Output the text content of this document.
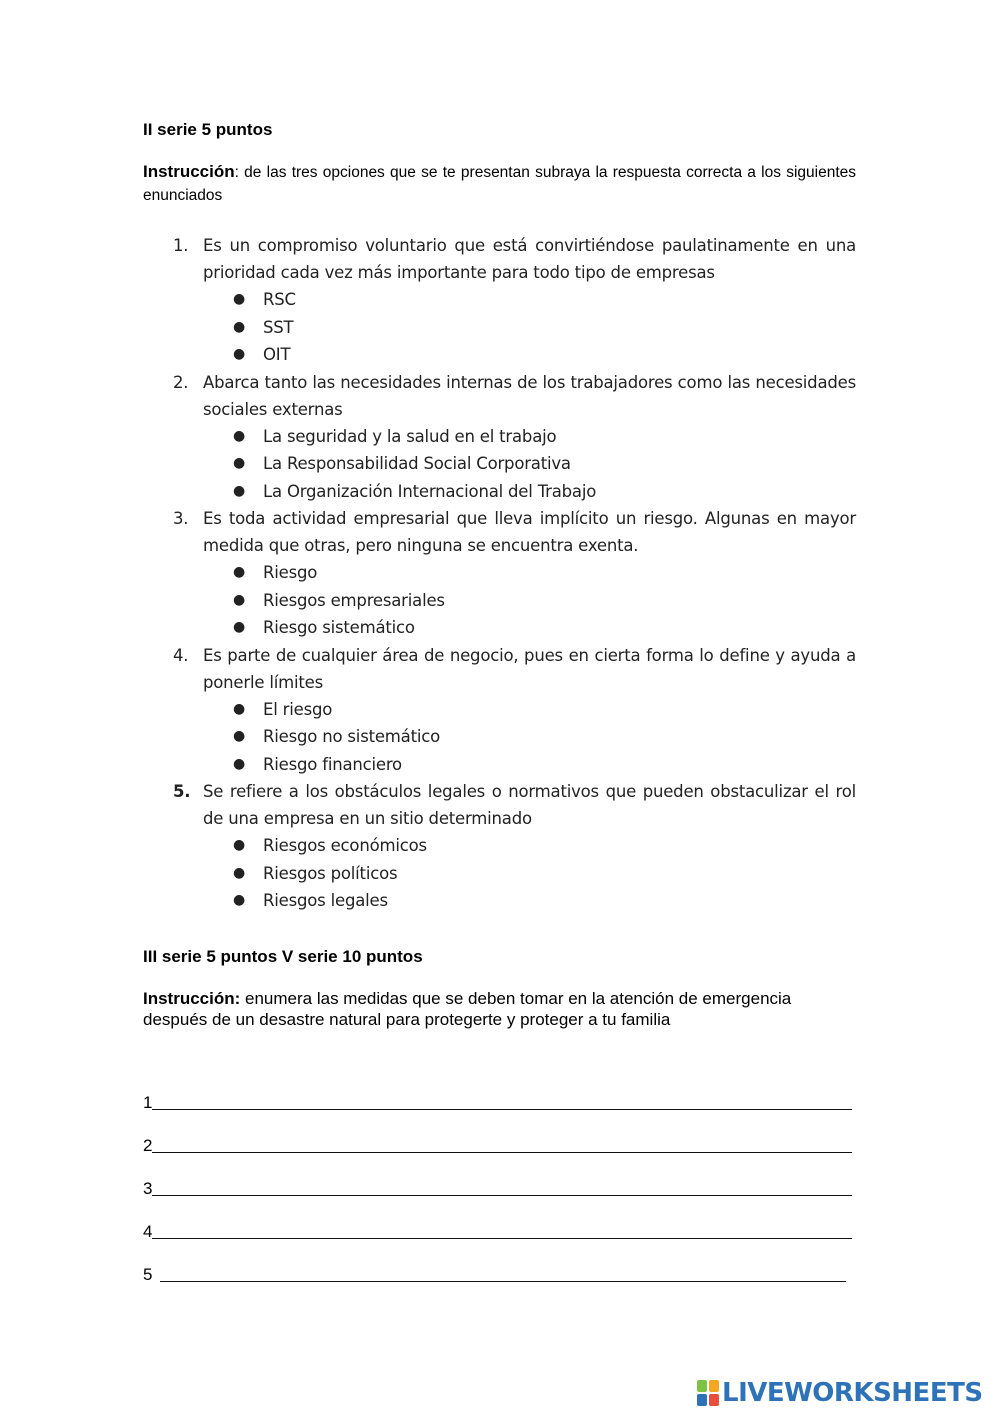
II serie 5 puntos
Instrucción: de las tres opciones que se te presentan subraya la respuesta correcta a los siguientes enunciados
1. Es un compromiso voluntario que está convirtiéndose paulatinamente en una prioridad cada vez más importante para todo tipo de empresas
● RSC
● SST
● OIT
2. Abarca tanto las necesidades internas de los trabajadores como las necesidades sociales externas
● La seguridad y la salud en el trabajo
● La Responsabilidad Social Corporativa
● La Organización Internacional del Trabajo
3. Es toda actividad empresarial que lleva implícito un riesgo. Algunas en mayor medida que otras, pero ninguna se encuentra exenta.
● Riesgo
● Riesgos empresariales
● Riesgo sistemático
4. Es parte de cualquier área de negocio, pues en cierta forma lo define y ayuda a ponerle límites
● El riesgo
● Riesgo no sistemático
● Riesgo financiero
5. Se refiere a los obstáculos legales o normativos que pueden obstaculizar el rol de una empresa en un sitio determinado
● Riesgos económicos
● Riesgos políticos
● Riesgos legales
III serie 5 puntos V serie 10 puntos
Instrucción: enumera las medidas que se deben tomar en la atención de emergencia después de un desastre natural para protegerte y proteger a tu familia
1
2
3
4
5
LIVEWORKSHEETS
